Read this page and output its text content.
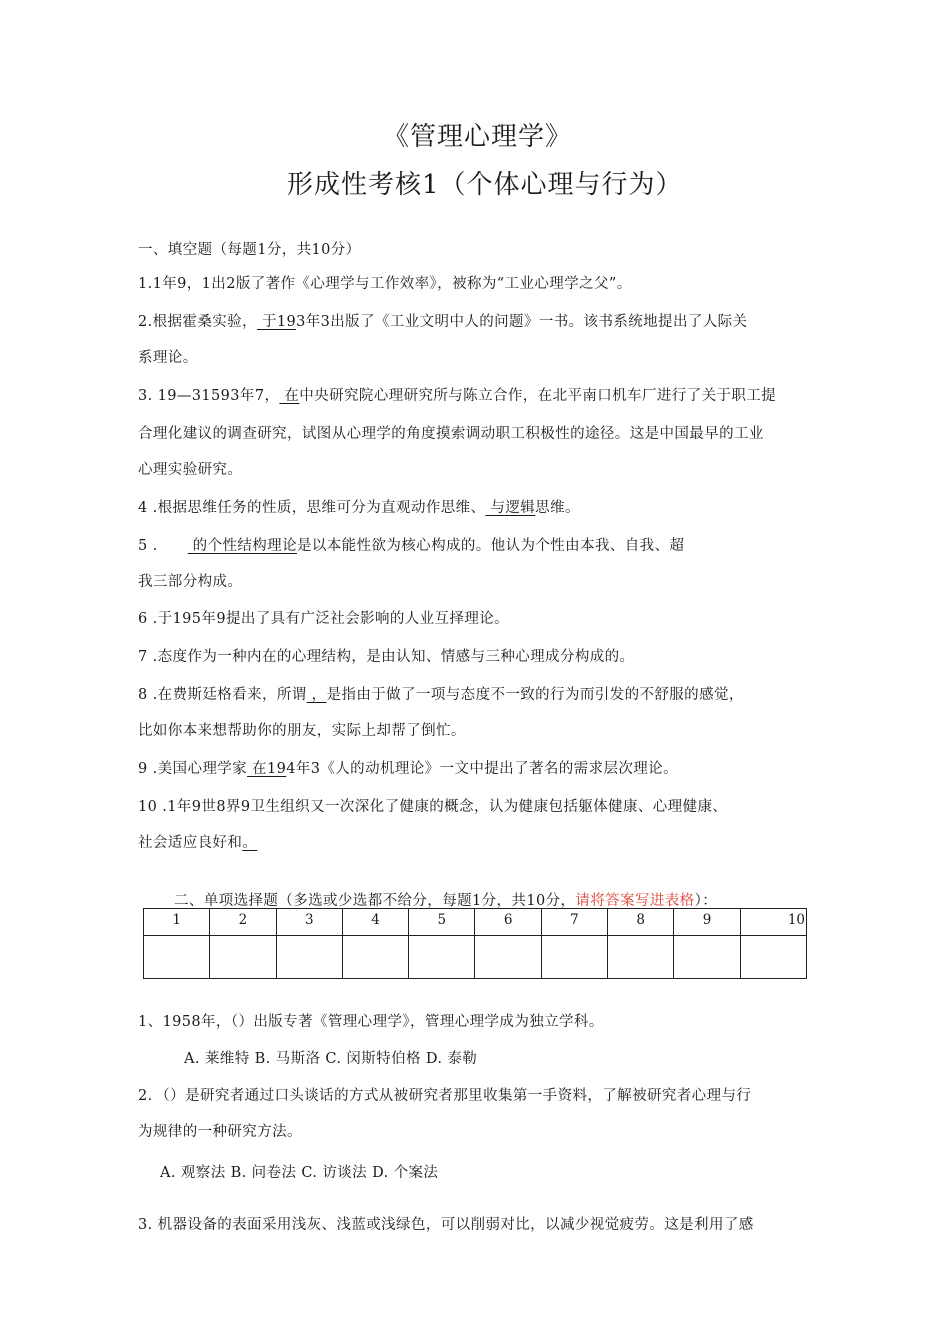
《管理心理学》
形成性考核1（个体心理与行为）
一、填空题（每题1分，共10分）
1.1年9，1出2版了著作《心理学与工作效率》，被称为“工业心理学之父”。
2.根据霍桑实验， 于193年3出版了《工业文明中人的问题》一书。该书系统地提出了人际关
系理论。
3. 19—31593年7， 在中央研究院心理研究所与陈立合作，在北平南口机车厂进行了关于职工提
合理化建议的调查研究，试图从心理学的角度摸索调动职工积极性的途径。这是中国最早的工业
心理实验研究。
4 .根据思维任务的性质，思维可分为直观动作思维、 与逻辑思维。
5 . 的个性结构理论是以本能性欲为核心构成的。他认为个性由本我、自我、超
我三部分构成。
6 .于195年9提出了具有广泛社会影响的人业互择理论。
7 .态度作为一种内在的心理结构，是由认知、情感与三种心理成分构成的。
8 .在费斯廷格看来，所谓 ，是指由于做了一项与态度不一致的行为而引发的不舒服的感觉，
比如你本来想帮助你的朋友，实际上却帮了倒忙。
9 .美国心理学家 在194年3《人的动机理论》一文中提出了著名的需求层次理论。
10 .1年9世8界9卫生组织又一次深化了健康的概念，认为健康包括躯体健康、心理健康、
社会适应良好和。
二、单项选择题（多选或少选都不给分，每题1分，共10分，请将答案写进表格）：
1	2	3	4	5	6	7	8	9	10

1、1958年，（）出版专著《管理心理学》，管理心理学成为独立学科。
A. 莱维特 B. 马斯洛 C. 闵斯特伯格 D. 泰勒
2．（）是研究者通过口头谈话的方式从被研究者那里收集第一手资料，了解被研究者心理与行
为规律的一种研究方法。
A. 观察法 B. 问卷法 C. 访谈法 D. 个案法
3. 机器设备的表面采用浅灰、浅蓝或浅绿色，可以削弱对比，以减少视觉疲劳。这是利用了感
